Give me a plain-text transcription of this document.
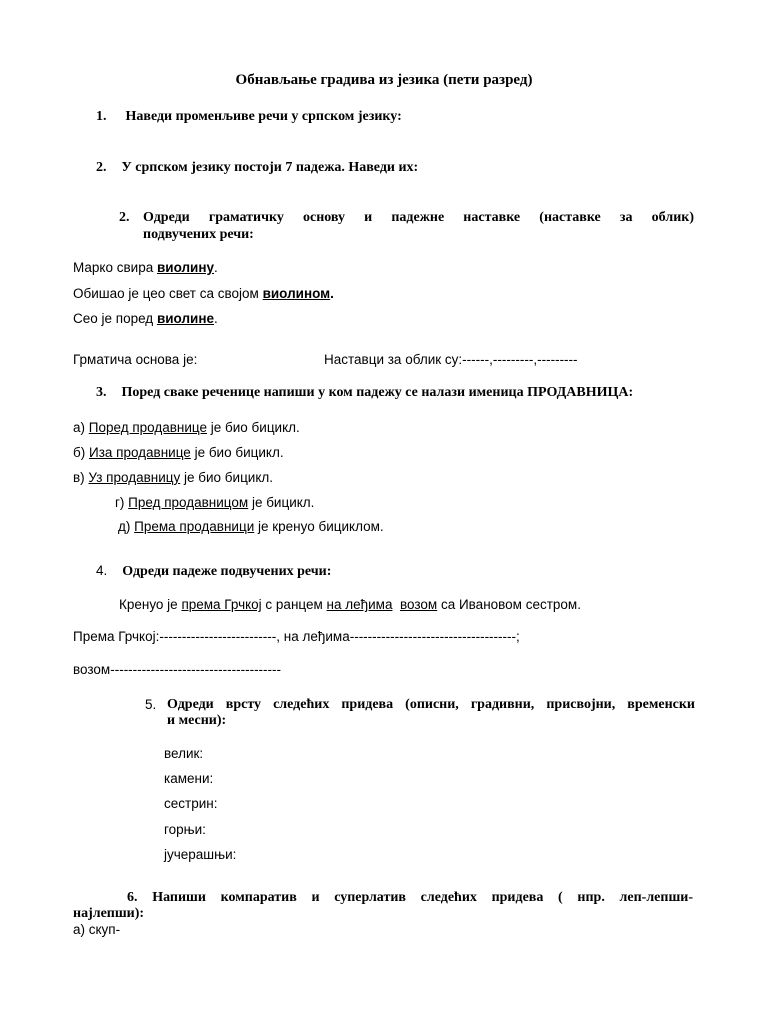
Обнављање градива из језика (пети разред)
1. Наведи променљиве речи у српском језику:
2. У српском језику постоји 7 падежа. Наведи их:
2. Одреди граматичку основу и падежне наставке (наставке за облик)
подвучених речи:
Марко свира виолину.
Обишао је цео свет са својом виолином.
Сео је поред виолине.
Грматича основа је:	Наставци за облик су:------,---------,---------
3. Поред сваке реченице напиши у ком падежу се налази именица ПРОДАВНИЦА:
а) Поред продавнице је био бицикл.
б) Иза продавнице је био бицикл.
в) Уз продавницу је био бицикл.
г) Пред продавницом је бицикл.
д) Према продавници је кренуо бициклом.
4. Одреди падеже подвучених речи:
Кренуо је према Грчкој с ранцем на леђима возом са Ивановом сестром.
Према Грчкој:--------------------------, на леђима-------------------------------------;
возом--------------------------------------
5. Одреди врсту следећих придева (описни, градивни, присвојни, временски
и месни):
велик:
камени:
сестрин:
горњи:
јучерашњи:
6. Напиши компаратив и суперлатив следећих придева ( нпр. леп-лепши-
најлепши):
а) скуп-
